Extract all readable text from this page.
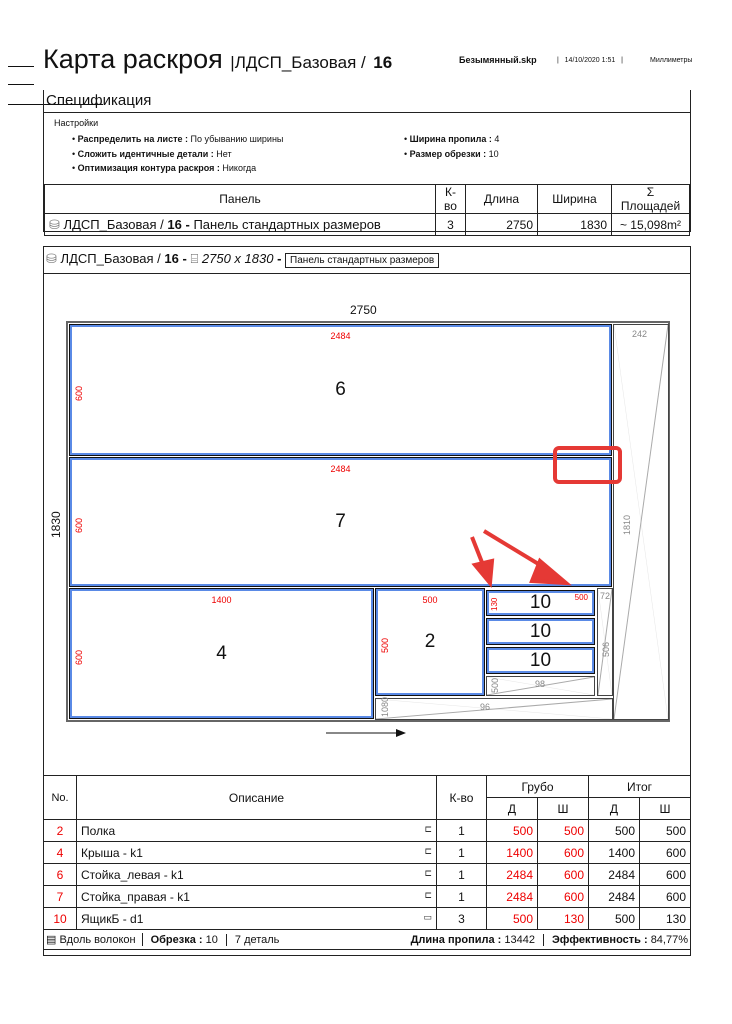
Карта раскроя |ЛДСП_Базовая / 16	Безымянный.skp	|   14/10/2020 1:51   |	Миллиметры
Спецификация
Настройки
• Распределить на листе : По убыванию ширины
• Сложить идентичные детали : Нет
• Оптимизация контура раскроя : Никогда
• Ширина пропила : 4
• Размер обрезки : 10
Панель	К-во	Длина	Ширина	Σ Площадей
⛁ ЛДСП_Базовая / 16 - Панель стандартных размеров	3	2750	1830	~ 15,098m²
⛁ ЛДСП_Базовая / 16 - ⌸ 2750 x 1830 - Панель стандартных размеров
2750
1830
6
2484
600
7
2484
600
4
1400
600
2
500
500
10	500
130
10
10
242
1810
72
506
98
500
96
1080
No.	Описание	К-во	Грубо		Итог	
			Д	Ш	Д	Ш
2	Полка ⊏	1	500	500	500	500
4	Крыша - k1 ⊏	1	1400	600	1400	600
6	Стойка_левая - k1 ⊏	1	2484	600	2484	600
7	Стойка_правая - k1 ⊏	1	2484	600	2484	600
10	ЯщикБ - d1 ▭	3	500	130	500	130
▤ Вдоль волокон	Обрезка : 10	7 деталь	Длина пропила : 13442	Эффективность : 84,77%
